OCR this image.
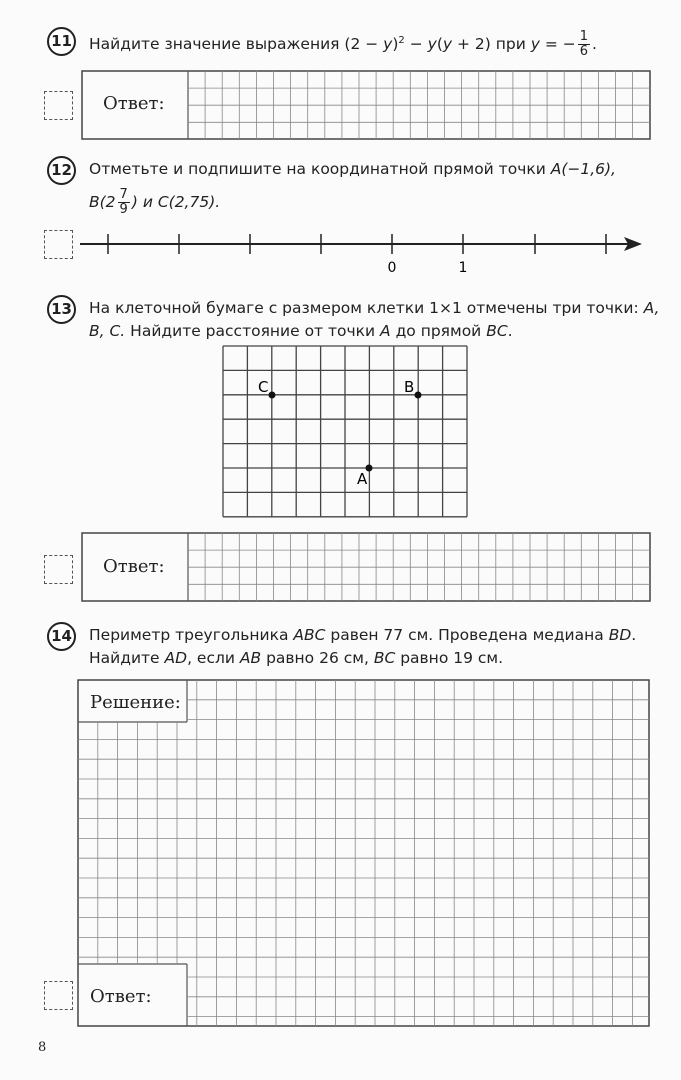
11 Найдите значение выражения $(2 - y)^2 - y(y + 2)$ при y = − $\frac{1}{6}$ .
Ответ:
12 Отметьте и подпишите на координатной прямой точки A(−1,6),
$B(2 \frac{7}{9}$ ) и C(2,75).
0	1
13 На клеточной бумаге с размером клетки 1×1 отмечены три точки: A,
B, C. Найдите расстояние от точки A до прямой BC.
C	B
A
Ответ:
14 Периметр треугольника ABC равен 77 см. Проведена медиана BD.
Найдите AD, если AB равно 26 см, BC равно 19 см.
Решение:
Ответ:
8
